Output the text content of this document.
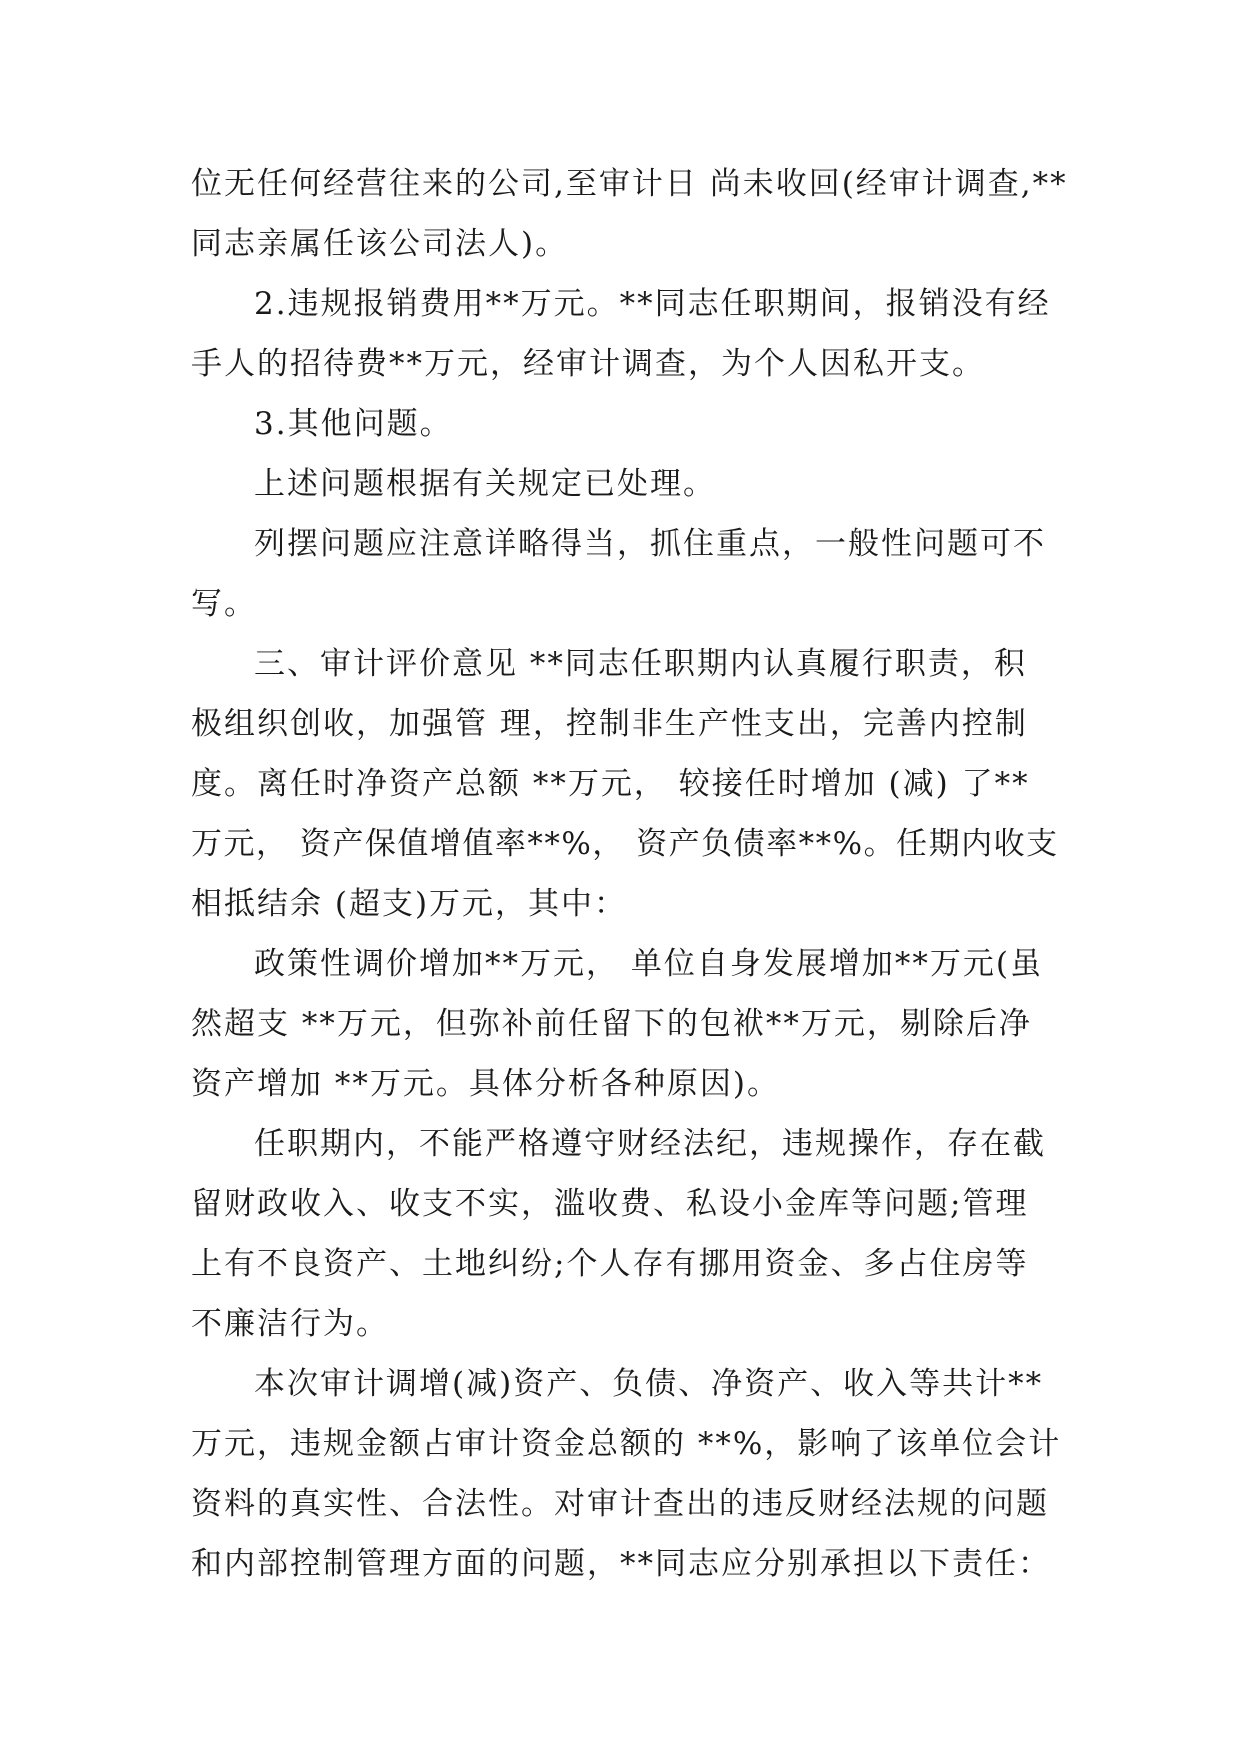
位无任何经营往来的公司,至审计日 尚未收回(经审计调查,**
同志亲属任该公司法人)。
2.违规报销费用**万元。**同志任职期间，报销没有经
手人的招待费**万元，经审计调查，为个人因私开支。
3.其他问题。
上述问题根据有关规定已处理。
列摆问题应注意详略得当，抓住重点，一般性问题可不
写。
三、审计评价意见 **同志任职期内认真履行职责，积
极组织创收，加强管 理，控制非生产性支出，完善内控制
度。离任时净资产总额 **万元， 较接任时增加 (减) 了**
万元， 资产保值增值率**%， 资产负债率**%。任期内收支
相抵结余 (超支)万元，其中：
政策性调价增加**万元， 单位自身发展增加**万元(虽
然超支 **万元，但弥补前任留下的包袱**万元，剔除后净
资产增加 **万元。具体分析各种原因)。
任职期内，不能严格遵守财经法纪，违规操作，存在截
留财政收入、收支不实，滥收费、私设小金库等问题;管理
上有不良资产、土地纠纷;个人存有挪用资金、多占住房等
不廉洁行为。
本次审计调增(减)资产、负债、净资产、收入等共计**
万元，违规金额占审计资金总额的 **%，影响了该单位会计
资料的真实性、合法性。对审计查出的违反财经法规的问题
和内部控制管理方面的问题，**同志应分别承担以下责任：
